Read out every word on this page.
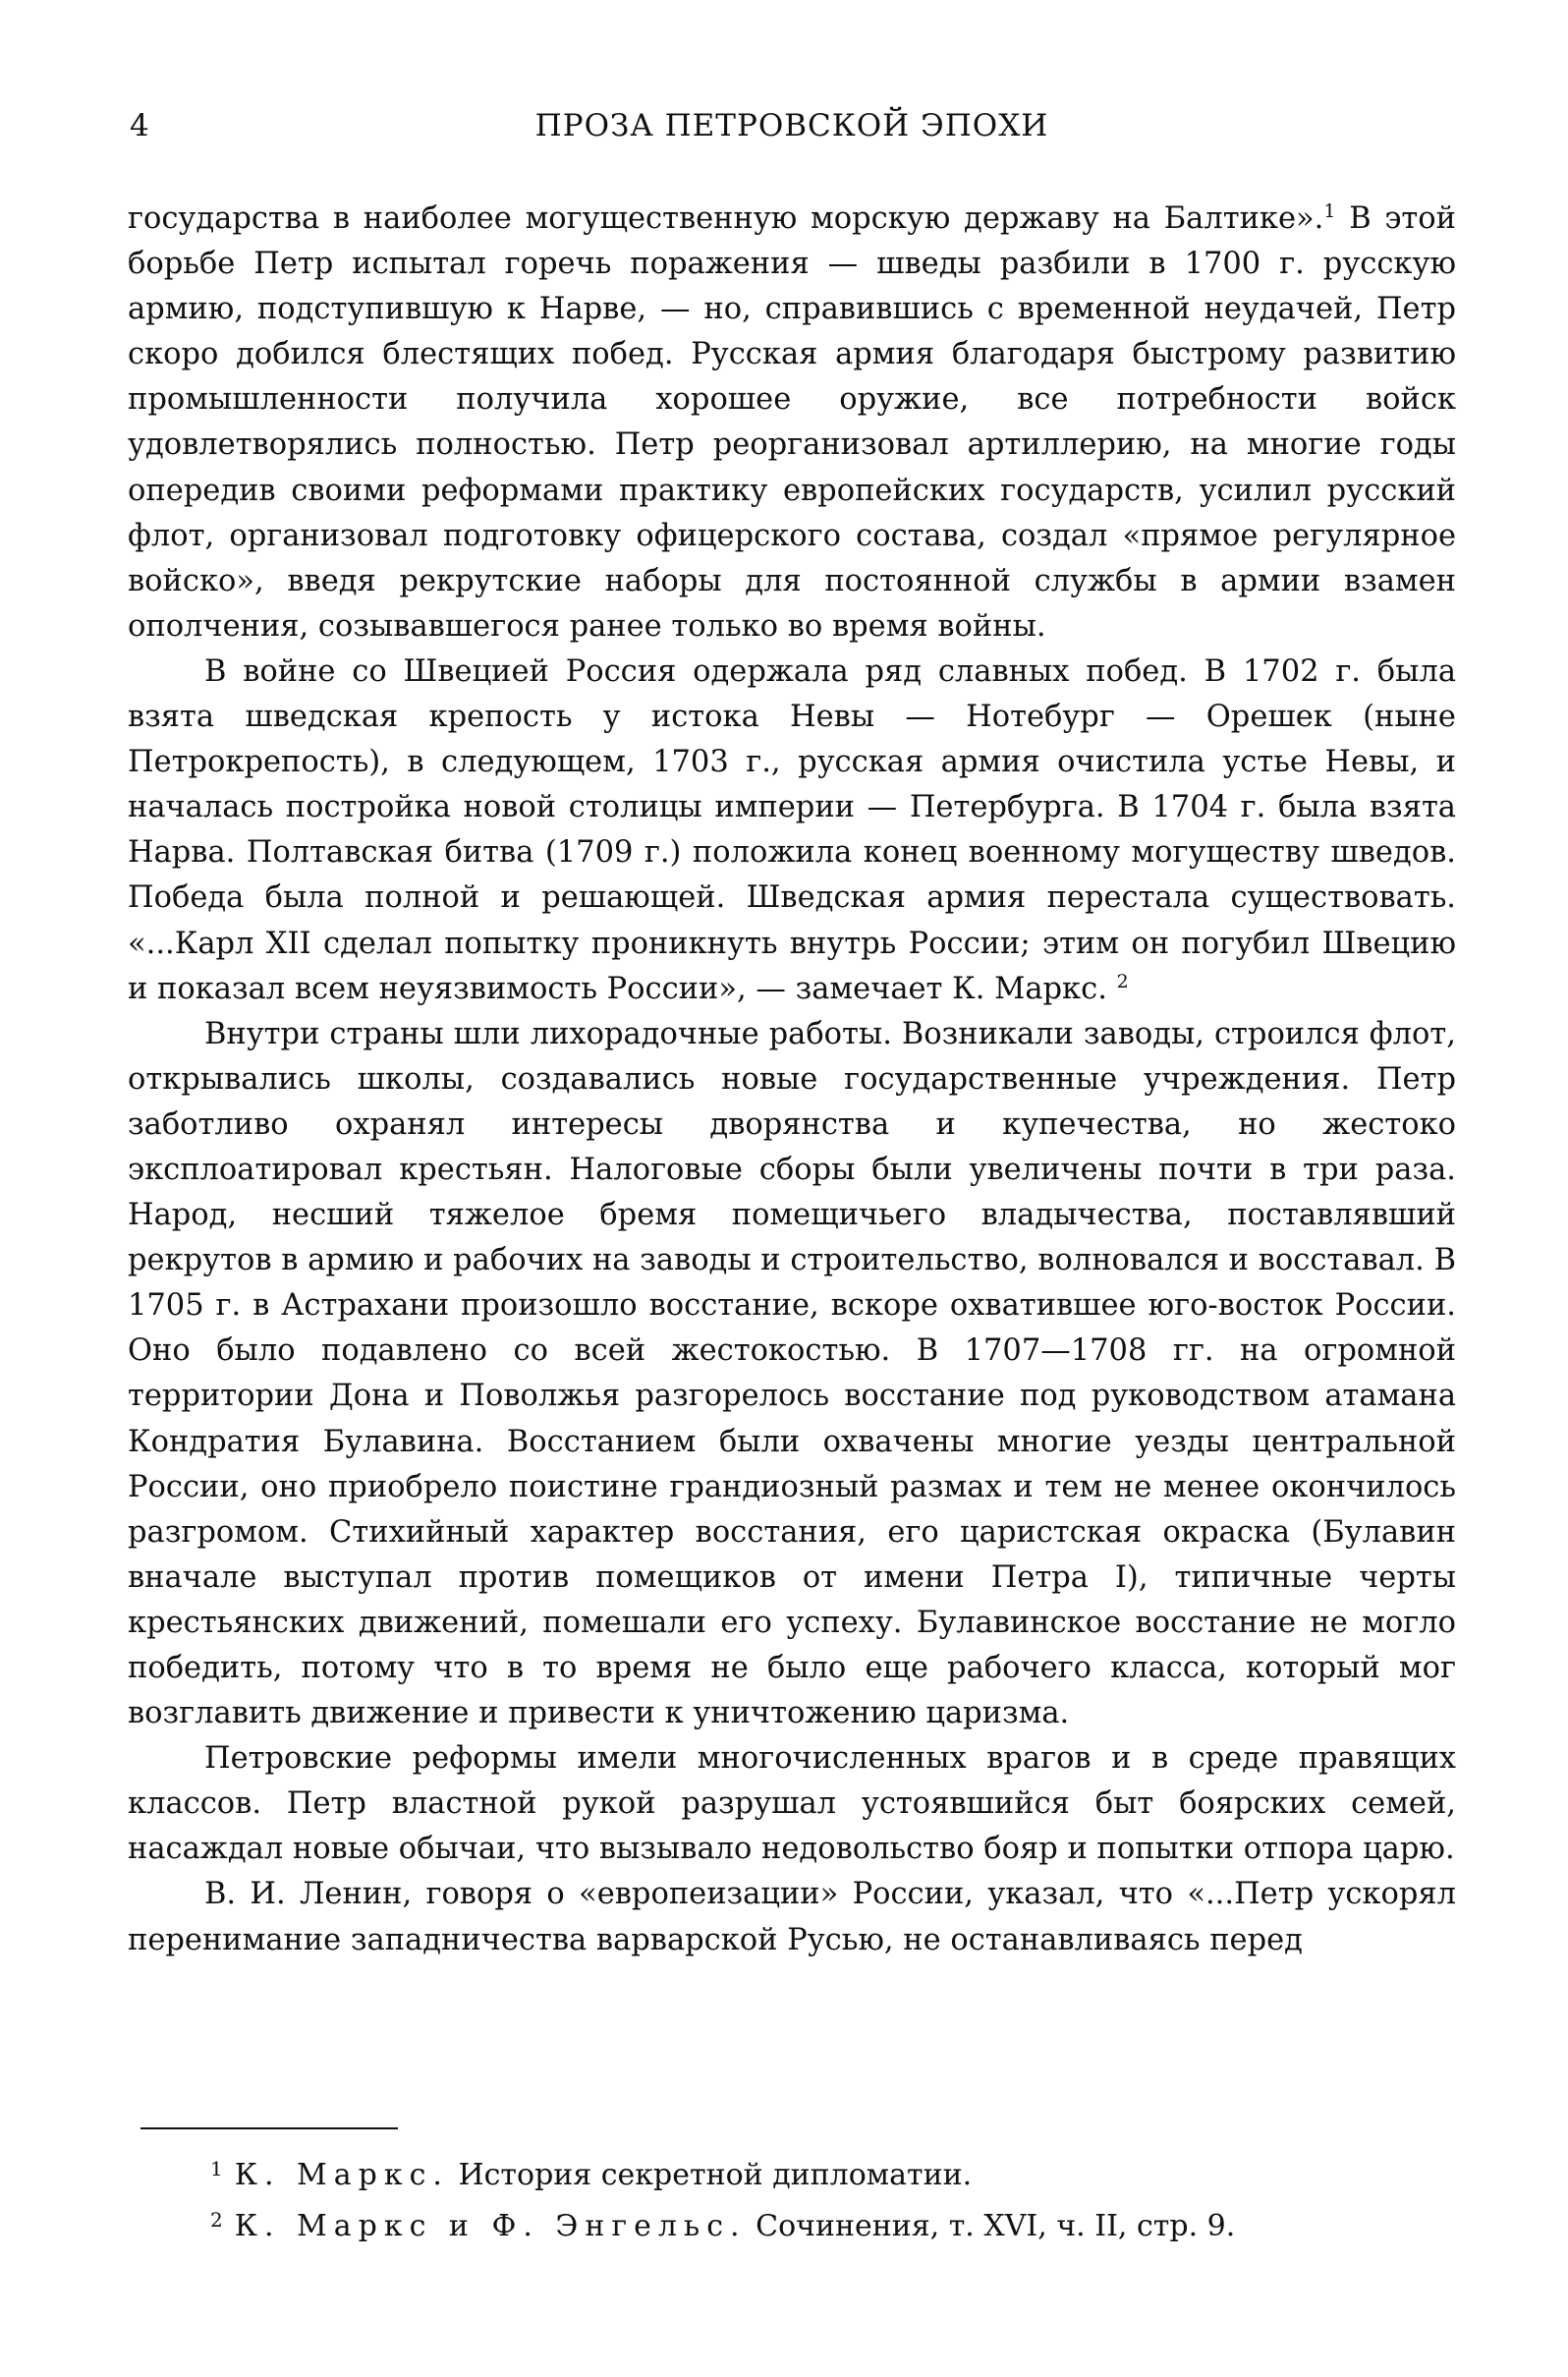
4	ПРОЗА ПЕТРОВСКОЙ ЭПОХИ

государства в наиболее могущественную морскую державу на Балтике».$^1$ В этой борьбе Петр испытал горечь поражения — шведы разбили в 1700 г. русскую армию, подступившую к Нарве, — но, справившись с временной неудачей, Петр скоро добился блестящих побед. Русская армия благодаря быстрому развитию промышленности получила хорошее оружие, все потребности войск удовлетворялись полностью. Петр реорганизовал артиллерию, на многие годы опередив своими реформами практику европейских государств, усилил русский флот, организовал подготовку офицерского состава, создал «прямое регулярное войско», введя рекрутские наборы для постоянной службы в армии взамен ополчения, созывавшегося ранее только во время войны.

В войне со Швецией Россия одержала ряд славных побед. В 1702 г. была взята шведская крепость у истока Невы — Нотебург — Орешек (ныне Петрокрепость), в следующем, 1703 г., русская армия очистила устье Невы, и началась постройка новой столицы империи — Петербурга. В 1704 г. была взята Нарва. Полтавская битва (1709 г.) положила конец военному могуществу шведов. Победа была полной и решающей. Шведская армия перестала существовать. «...Карл XII сделал попытку проникнуть внутрь России; этим он погубил Швецию и показал всем неуязвимость России», — замечает К. Маркс. $^2$

Внутри страны шли лихорадочные работы. Возникали заводы, строился флот, открывались школы, создавались новые государственные учреждения. Петр заботливо охранял интересы дворянства и купечества, но жестоко эксплоатировал крестьян. Налоговые сборы были увеличены почти в три раза. Народ, несший тяжелое бремя помещичьего владычества, поставлявший рекрутов в армию и рабочих на заводы и строительство, волновался и восставал. В 1705 г. в Астрахани произошло восстание, вскоре охватившее юго-восток России. Оно было подавлено со всей жестокостью. В 1707—1708 гг. на огромной территории Дона и Поволжья разгорелось восстание под руководством атамана Кондратия Булавина. Восстанием были охвачены многие уезды центральной России, оно приобрело поистине грандиозный размах и тем не менее окончилось разгромом. Стихийный характер восстания, его царистская окраска (Булавин вначале выступал против помещиков от имени Петра I), типичные черты крестьянских движений, помешали его успеху. Булавинское восстание не могло победить, потому что в то время не было еще рабочего класса, который мог возглавить движение и привести к уничтожению царизма.

Петровские реформы имели многочисленных врагов и в среде правящих классов. Петр властной рукой разрушал устоявшийся быт боярских семей, насаждал новые обычаи, что вызывало недовольство бояр и попытки отпора царю.

В. И. Ленин, говоря о «европеизации» России, указал, что «...Петр ускорял перенимание западничества варварской Русью, не останавливаясь перед

$^1$ К. Маркс. История секретной дипломатии.
$^2$ К. Маркс и Ф. Энгельс. Сочинения, т. XVI, ч. II, стр. 9.
